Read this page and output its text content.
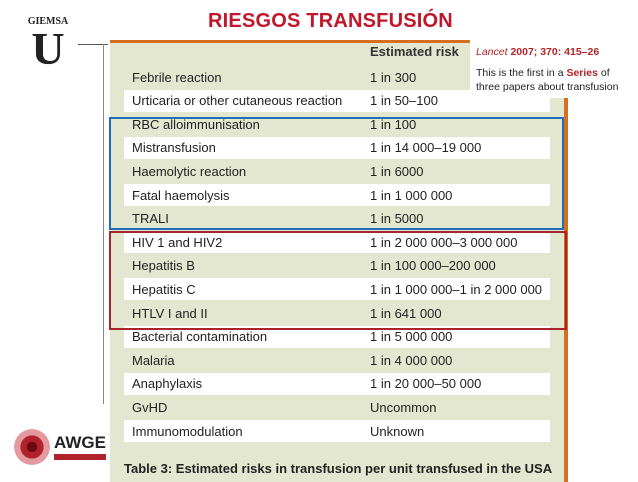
GIEMSA
U
RIESGOS TRANSFUSIÓN
Estimated risk
Febrile reaction	1 in 300
Urticaria or other cutaneous reaction 1 in 50–100
RBC alloimmunisation	1 in 100
Mistransfusion	1 in 14 000–19 000
Haemolytic reaction	1 in 6000
Fatal haemolysis	1 in 1 000 000
TRALI	1 in 5000
HIV 1 and HIV2	1 in 2 000 000–3 000 000
Hepatitis B	1 in 100 000–200 000
Hepatitis C	1 in 1 000 000–1 in 2 000 000
HTLV I and II	1 in 641 000
Bacterial contamination	1 in 5 000 000
Malaria	1 in 4 000 000
Anaphylaxis	1 in 20 000–50 000
GvHD	Uncommon
Immunomodulation	Unknown
Lancet 2007; 370: 415–26
This is the first in a Series of three papers about transfusion
Table 3: Estimated risks in transfusion per unit transfused in the USA
AWGE
